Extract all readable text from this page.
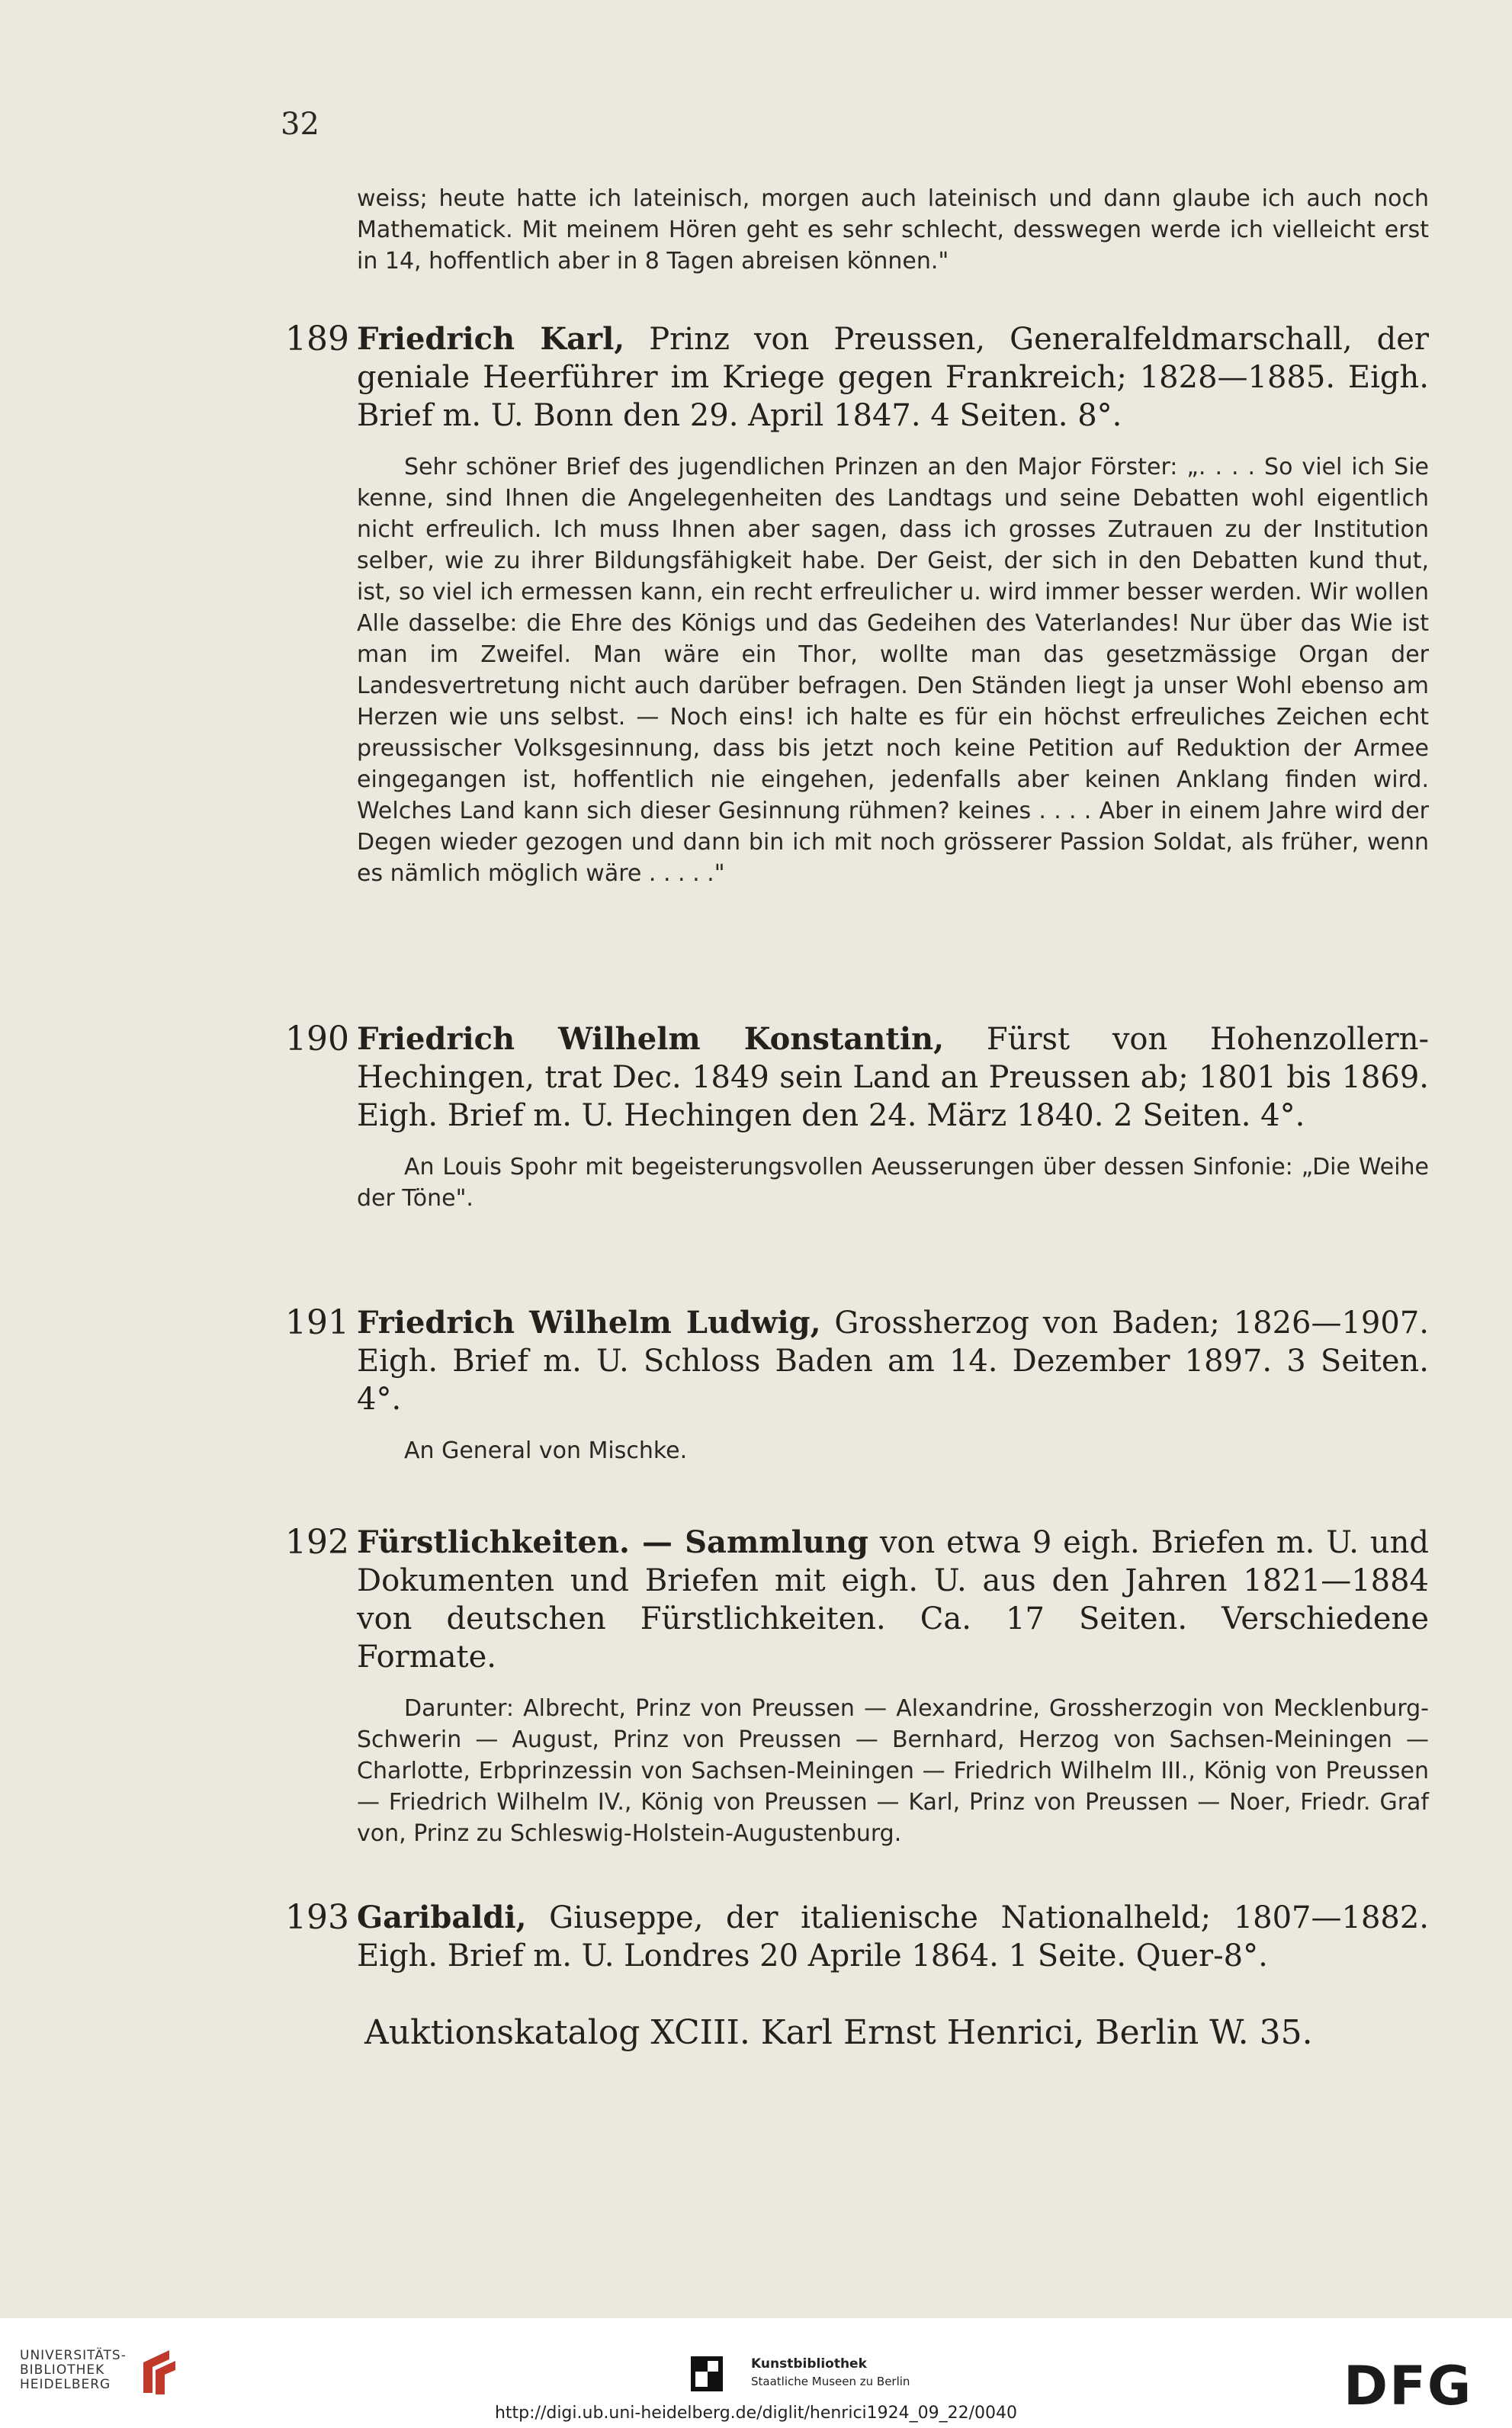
32
weiss; heute hatte ich lateinisch, morgen auch lateinisch und dann glaube ich auch noch Mathematick. Mit meinem Hören geht es sehr schlecht, desswegen werde ich vielleicht erst in 14, hoffentlich aber in 8 Tagen abreisen können."
189 Friedrich Karl, Prinz von Preussen, Generalfeldmarschall, der geniale Heerführer im Kriege gegen Frankreich; 1828—1885. Eigh. Brief m. U. Bonn den 29. April 1847. 4 Seiten. 8°.
Sehr schöner Brief des jugendlichen Prinzen an den Major Förster: „. . . . So viel ich Sie kenne, sind Ihnen die Angelegenheiten des Landtags und seine Debatten wohl eigentlich nicht erfreulich. Ich muss Ihnen aber sagen, dass ich grosses Zutrauen zu der Institution selber, wie zu ihrer Bildungsfähigkeit habe. Der Geist, der sich in den Debatten kund thut, ist, so viel ich ermessen kann, ein recht erfreulicher u. wird immer besser werden. Wir wollen Alle dasselbe: die Ehre des Königs und das Gedeihen des Vaterlandes! Nur über das Wie ist man im Zweifel. Man wäre ein Thor, wollte man das gesetzmässige Organ der Landesvertretung nicht auch darüber befragen. Den Ständen liegt ja unser Wohl ebenso am Herzen wie uns selbst. — Noch eins! ich halte es für ein höchst erfreuliches Zeichen echt preussischer Volksgesinnung, dass bis jetzt noch keine Petition auf Reduktion der Armee eingegangen ist, hoffentlich nie eingehen, jedenfalls aber keinen Anklang finden wird. Welches Land kann sich dieser Gesinnung rühmen? keines . . . . Aber in einem Jahre wird der Degen wieder gezogen und dann bin ich mit noch grösserer Passion Soldat, als früher, wenn es nämlich möglich wäre . . . . ."
190 Friedrich Wilhelm Konstantin, Fürst von Hohenzollern-Hechingen, trat Dec. 1849 sein Land an Preussen ab; 1801 bis 1869. Eigh. Brief m. U. Hechingen den 24. März 1840. 2 Seiten. 4°.
An Louis Spohr mit begeisterungsvollen Aeusserungen über dessen Sinfonie: „Die Weihe der Töne".
191 Friedrich Wilhelm Ludwig, Grossherzog von Baden; 1826—1907. Eigh. Brief m. U. Schloss Baden am 14. Dezember 1897. 3 Seiten. 4°.
An General von Mischke.
192 Fürstlichkeiten. — Sammlung von etwa 9 eigh. Briefen m. U. und Dokumenten und Briefen mit eigh. U. aus den Jahren 1821—1884 von deutschen Fürstlichkeiten. Ca. 17 Seiten. Verschiedene Formate.
Darunter: Albrecht, Prinz von Preussen — Alexandrine, Grossherzogin von Mecklenburg-Schwerin — August, Prinz von Preussen — Bernhard, Herzog von Sachsen-Meiningen — Charlotte, Erbprinzessin von Sachsen-Meiningen — Friedrich Wilhelm III., König von Preussen — Friedrich Wilhelm IV., König von Preussen — Karl, Prinz von Preussen — Noer, Friedr. Graf von, Prinz zu Schleswig-Holstein-Augustenburg.
193 Garibaldi, Giuseppe, der italienische Nationalheld; 1807—1882. Eigh. Brief m. U. Londres 20 Aprile 1864. 1 Seite. Quer-8°.
Auktionskatalog XCIII. Karl Ernst Henrici, Berlin W. 35.
UNIVERSITÄTS-
BIBLIOTHEK
HEIDELBERG
Kunstbibliothek
Staatliche Museen zu Berlin	DFG
http://digi.ub.uni-heidelberg.de/diglit/henrici1924_09_22/0040
